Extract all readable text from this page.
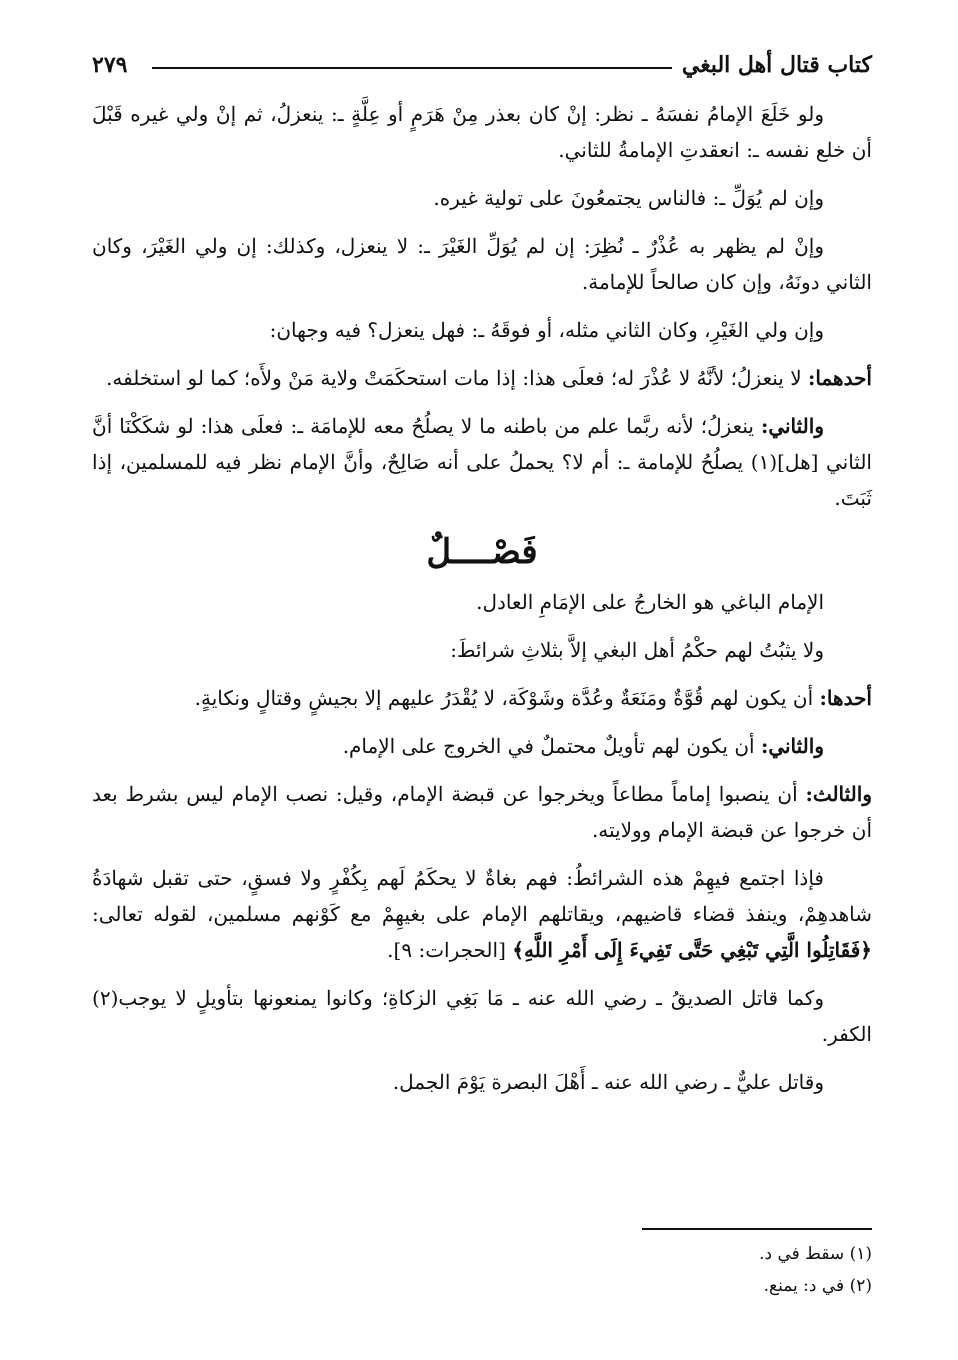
كتاب قتال أهل البغي
٢٧٩

ولو خَلَعَ الإمامُ نفسَهُ ـ نظر: إنْ كان بعذر مِنْ هَرَمٍ أو عِلَّةٍ ـ: ينعزلُ، ثم إنْ ولي غيره قَبْلَ أن خلع نفسه ـ: انعقدتِ الإمامةُ للثاني.

وإن لم يُوَلِّ ـ: فالناس يجتمعُونَ على تولية غيره.

وإنْ لم يظهر به عُذْرٌ ـ نُظِرَ: إن لم يُوَلِّ الغَيْرَ ـ: لا ينعزل، وكذلك: إن ولي الغَيْرَ، وكان الثاني دونَهُ، وإن كان صالحاً للإمامة.

وإن ولي الغَيْرِ، وكان الثاني مثله، أو فوقَهُ ـ: فهل ينعزل؟ فيه وجهان:

أحدهما: لا ينعزلُ؛ لأنَّهُ لا عُذْرَ له؛ فعلَى هذا: إذا مات استحكَمَتْ ولاية مَنْ ولأَه؛ كما لو استخلفه.

والثاني: ينعزلُ؛ لأنه ربَّما علم من باطنه ما لا يصلُحُ معه للإمامَة ـ: فعلَى هذا: لو شكَكْنَا أنَّ الثاني [هل](١) يصلُحُ للإمامة ـ: أم لا؟ يحملُ على أنه صَالِحٌ، وأنَّ الإمام نظر فيه للمسلمين، إذا ثَبَتَ.

فَصْــــلٌ

الإمام الباغي هو الخارجُ على الإمَامِ العادل.

ولا يثبُتُ لهم حكْمُ أهل البغي إلاَّ بثلاثِ شرائطَ:

أحدها: أن يكون لهم قُوَّةٌ ومَنَعَةٌ وعُدَّة وشَوْكَة، لا يُقْدَرُ عليهم إلا بجيشٍ وقتالٍ ونكايةٍ.

والثاني: أن يكون لهم تأويلٌ محتملٌ في الخروج على الإمام.

والثالث: أن ينصبوا إماماً مطاعاً ويخرجوا عن قبضة الإمام، وقيل: نصب الإمام ليس بشرط بعد أن خرجوا عن قبضة الإمام وولايته.

فإذا اجتمع فيهِمْ هذه الشرائطُ: فهم بغاةٌ لا يحكَمُ لَهم بِكُفْرٍ ولا فسقٍ، حتى تقبل شهادَةُ شاهدهِمْ، وينفذ قضاء قاضيهم، ويقاتلهم الإمام على بغيهِمْ مع كَوْنهم مسلمين، لقوله تعالى: ﴿فَقَاتِلُوا الَّتِي تَبْغِي حَتَّى تَفِيءَ إِلَى أَمْرِ اللَّهِ﴾ [الحجرات: ٩].

وكما قاتل الصديقُ ـ رضي الله عنه ـ مَا بَغِي الزكاةِ؛ وكانوا يمنعونها بتأويلٍ لا يوجب(٢) الكفر.

وقاتل عليٌّ ـ رضي الله عنه ـ أَهْلَ البصرة يَوْمَ الجمل.

(١) سقط في د.
(٢) في د: يمنع.
